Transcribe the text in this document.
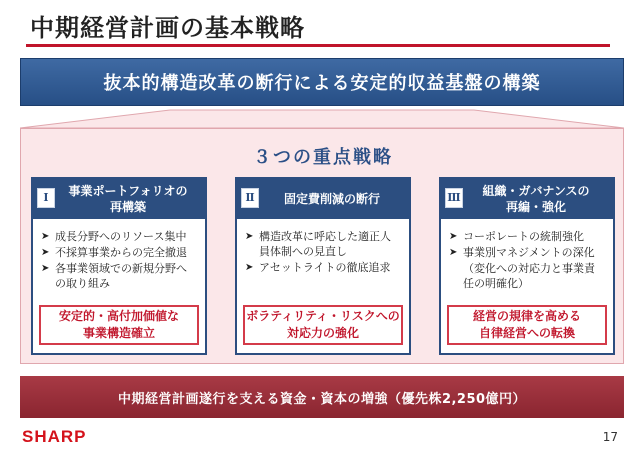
中期経営計画の基本戦略
抜本的構造改革の断行による安定的収益基盤の構築
３つの重点戦略
Ⅰ	事業ポートフォリオの
再構築
➤ 成長分野へのリソース集中
➤ 不採算事業からの完全撤退
➤ 各事業領域での新規分野への取り組み
安定的・高付加価値な
事業構造確立
Ⅱ	固定費削減の断行
➤ 構造改革に呼応した適正人員体制への見直し
➤ アセットライトの徹底追求
ボラティリティ・リスクへの
対応力の強化
Ⅲ 組織・ガバナンスの
再編・強化
➤ コーポレートの統制強化
➤ 事業別マネジメントの深化
（変化への対応力と事業責任の明確化）
経営の規律を高める
自律経営への転換
中期経営計画遂行を支える資金・資本の増強（優先株2,250億円）
SHARP	17
